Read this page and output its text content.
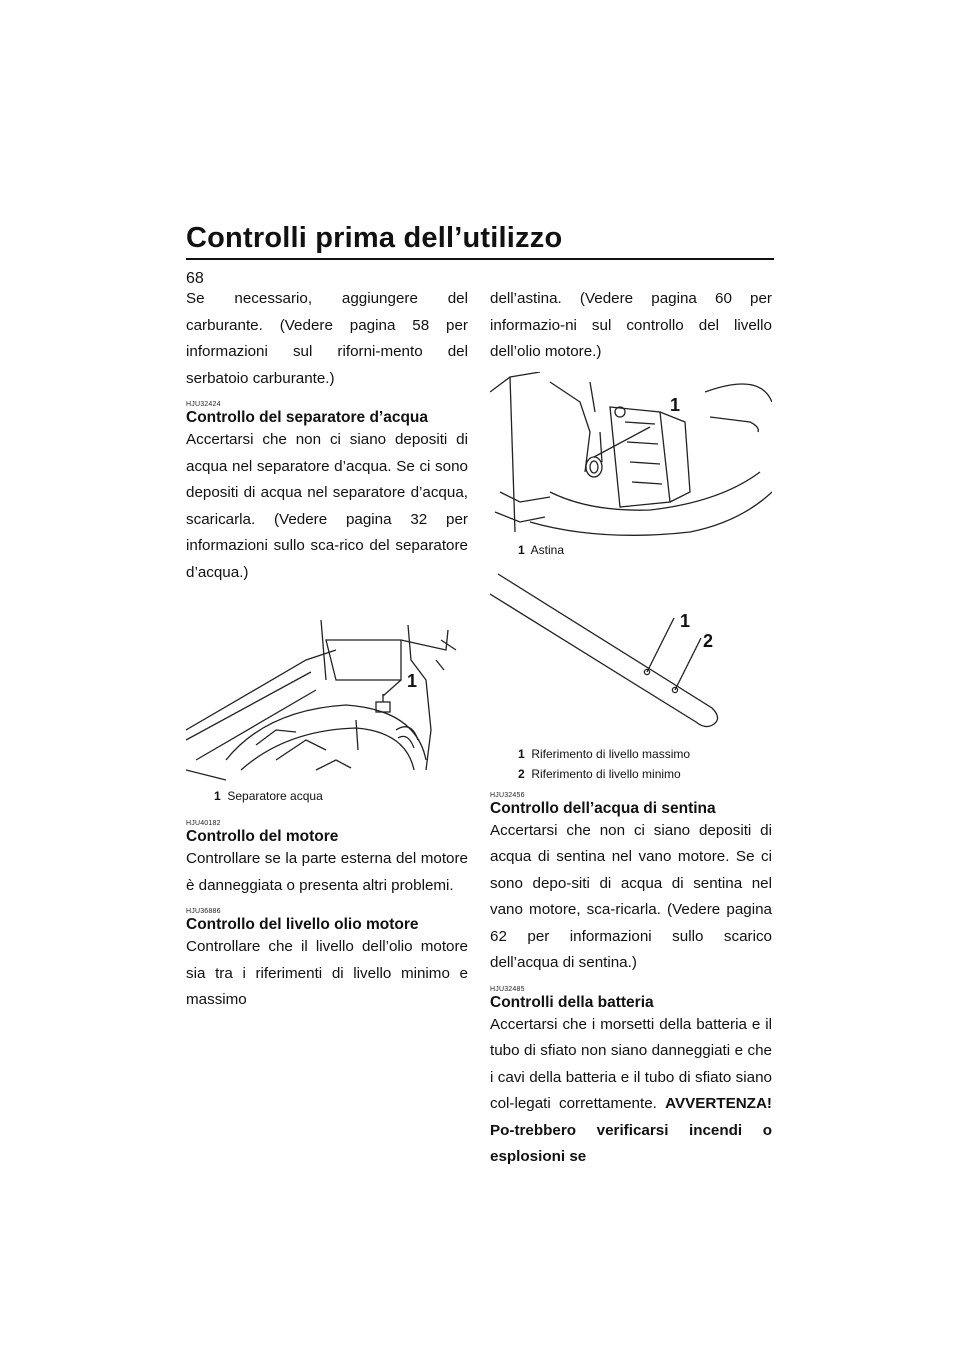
Controlli prima dell’utilizzo
68

Se necessario, aggiungere del carburante. (Vedere pagina 58 per informazioni sul riforni-mento del serbatoio carburante.)

HJU32424
Controllo del separatore d’acqua

Accertarsi che non ci siano depositi di acqua nel separatore d’acqua. Se ci sono depositi di acqua nel separatore d’acqua, scaricarla. (Vedere pagina 32 per informazioni sullo sca-rico del separatore d’acqua.)

1
1 Separatore acqua
HJU40182
Controllo del motore

Controllare se la parte esterna del motore è danneggiata o presenta altri problemi.

HJU36886
Controllo del livello olio motore

Controllare che il livello dell’olio motore sia tra i riferimenti di livello minimo e massimo

dell’astina. (Vedere pagina 60 per informazio-ni sul controllo del livello dell’olio motore.)

1
1 Astina
1
2
1 Riferimento di livello massimo
2 Riferimento di livello minimo
HJU32456
Controllo dell’acqua di sentina

Accertarsi che non ci siano depositi di acqua di sentina nel vano motore. Se ci sono depo-siti di acqua di sentina nel vano motore, sca-ricarla. (Vedere pagina 62 per informazioni sullo scarico dell’acqua di sentina.)

HJU32485
Controlli della batteria

Accertarsi che i morsetti della batteria e il tubo di sfiato non siano danneggiati e che i cavi della batteria e il tubo di sfiato siano col-legati correttamente. AVVERTENZA! Po-trebbero verificarsi incendi o esplosioni se
